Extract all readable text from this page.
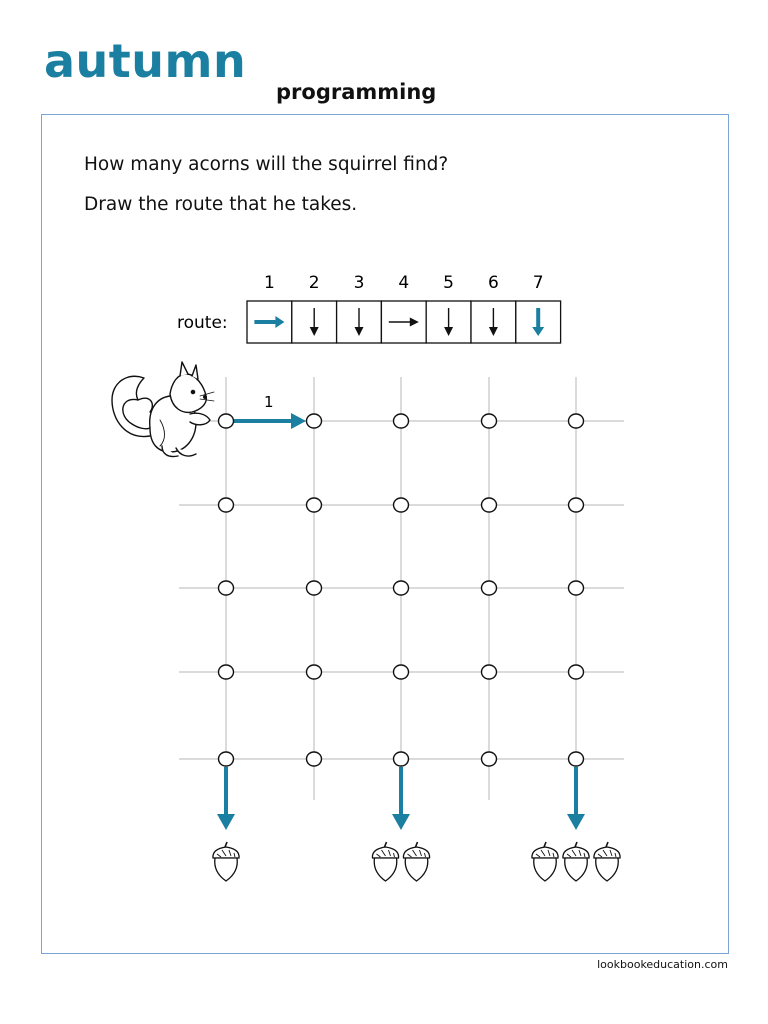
autumn
programming
How many acorns will the squirrel find?
Draw the route that he takes.
1 2 3 4 5 6 7
route:
1
lookbookeducation.com
